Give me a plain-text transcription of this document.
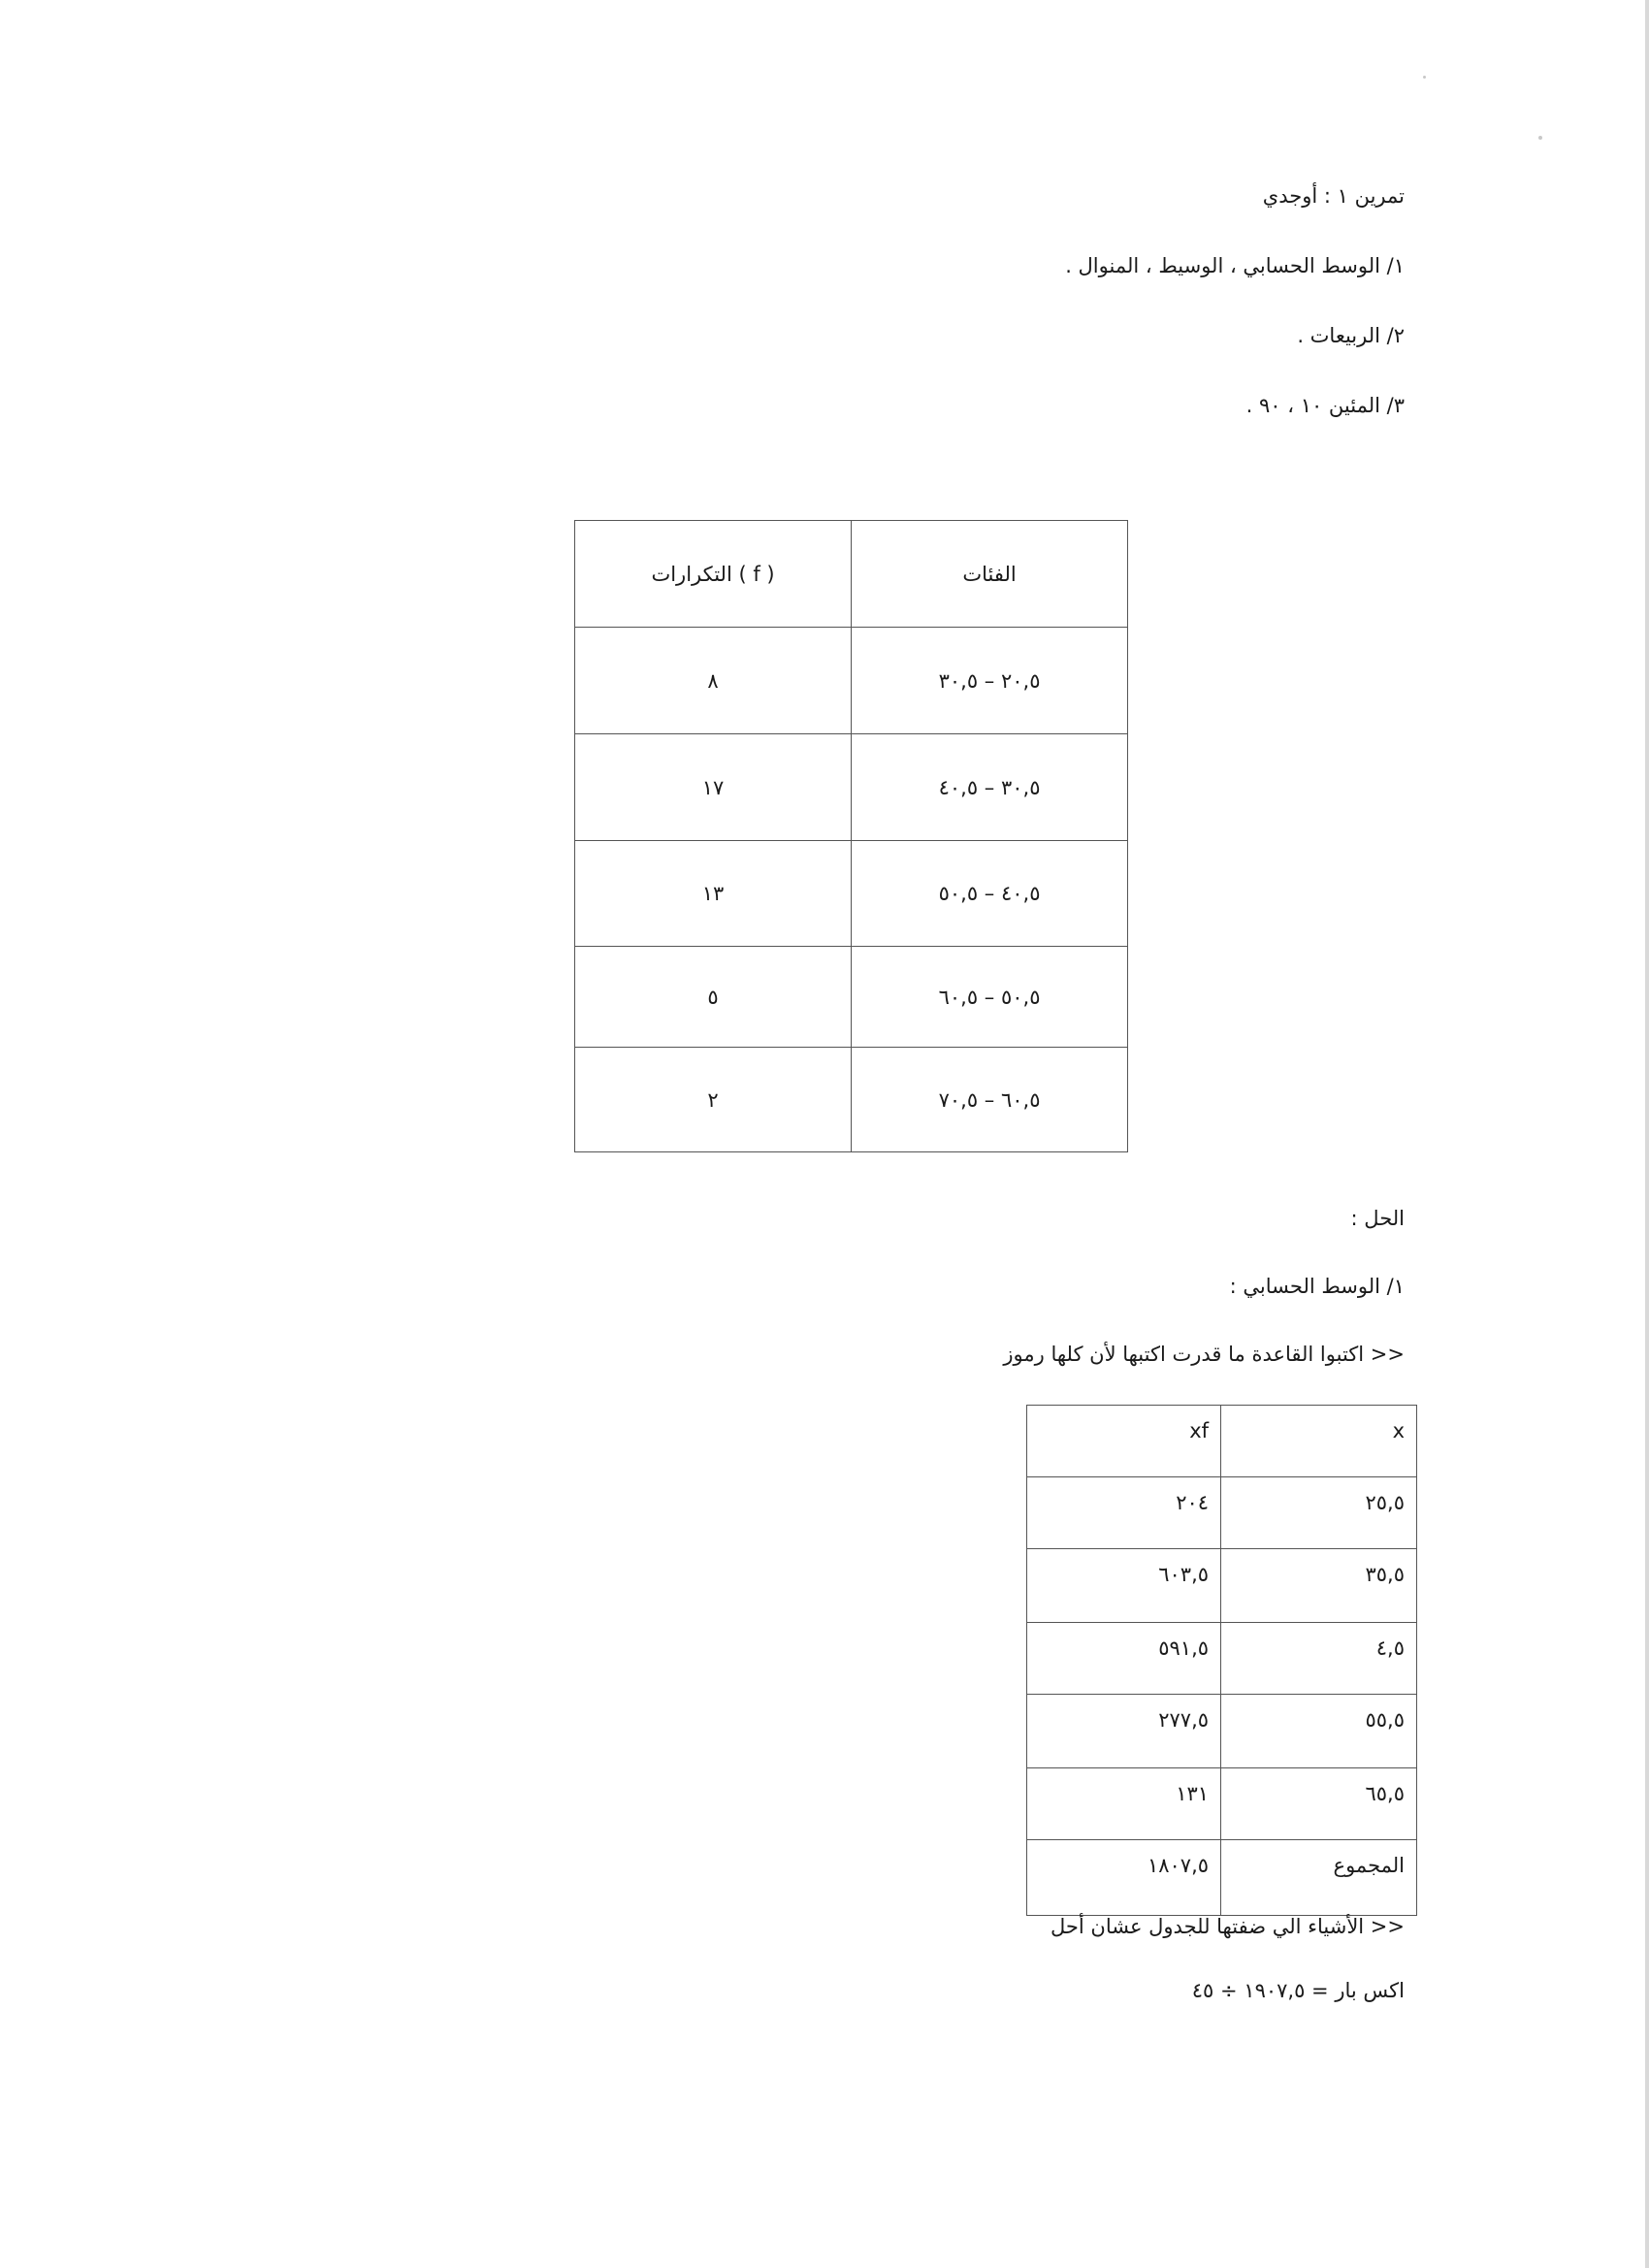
تمرين ١ : أوجدي
١/ الوسط الحسابي ، الوسيط ، المنوال .
٢/ الربيعات .
٣/ المئين ١٠ ، ٩٠ .
الفئات	( f ) التكرارات
٢٠,٥ – ٣٠,٥	٨
٣٠,٥ – ٤٠,٥	١٧
٤٠,٥ – ٥٠,٥	١٣
٥٠,٥ – ٦٠,٥	٥
٦٠,٥ – ٧٠,٥	٢
الحل :
١/ الوسط الحسابي :
<< اكتبوا القاعدة ما قدرت اكتبها لأن كلها رموز
x	xf
٢٥,٥	٢٠٤
٣٥,٥	٦٠٣,٥
٤,٥	٥٩١,٥
٥٥,٥	٢٧٧,٥
٦٥,٥	١٣١
المجموع	١٨٠٧,٥
<< الأشياء الي ضفتها للجدول عشان أحل
اكس بار = ١٩٠٧,٥ ÷ ٤٥
